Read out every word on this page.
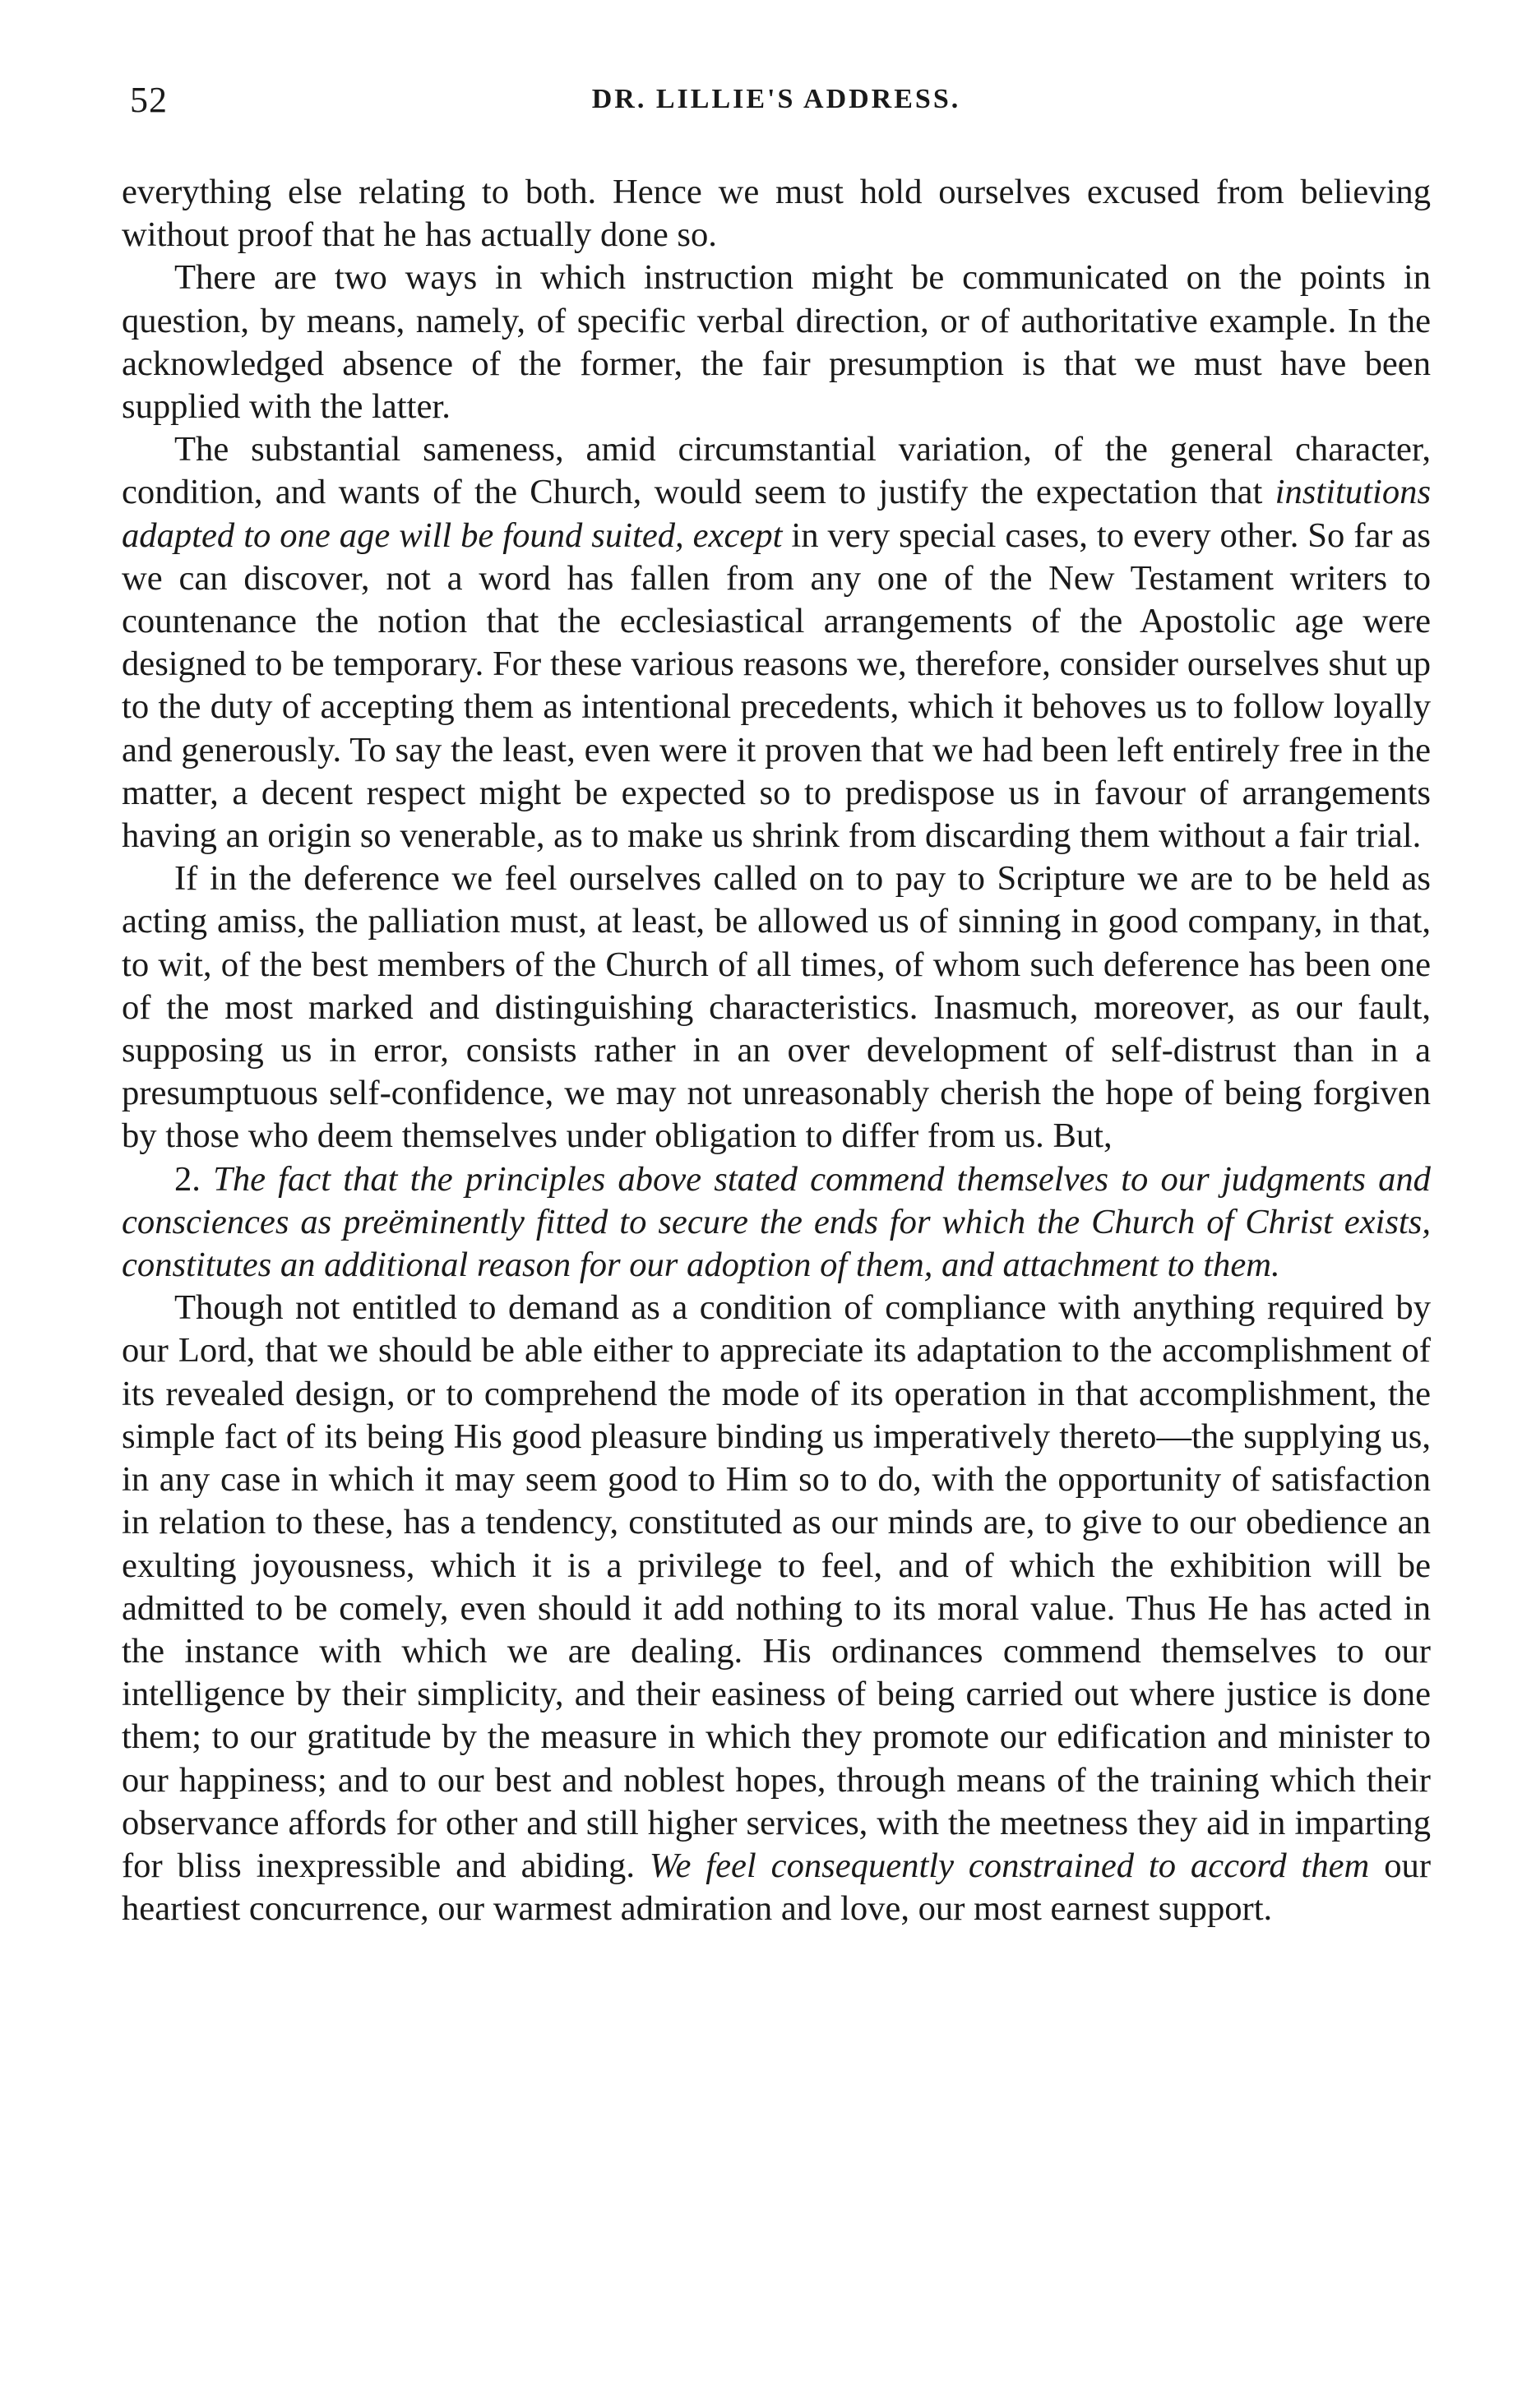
52	DR. LILLIE'S ADDRESS.

everything else relating to both. Hence we must hold ourselves excused from believing without proof that he has actually done so.

There are two ways in which instruction might be communicated on the points in question, by means, namely, of specific verbal direction, or of authoritative example. In the acknowledged absence of the former, the fair presumption is that we must have been supplied with the latter.

The substantial sameness, amid circumstantial variation, of the general character, condition, and wants of the Church, would seem to justify the expectation that institutions adapted to one age will be found suited, except in very special cases, to every other. So far as we can discover, not a word has fallen from any one of the New Testament writers to countenance the notion that the ecclesiastical arrangements of the Apostolic age were designed to be temporary. For these various reasons we, therefore, consider ourselves shut up to the duty of accepting them as intentional precedents, which it behoves us to follow loyally and generously. To say the least, even were it proven that we had been left entirely free in the matter, a decent respect might be expected so to predispose us in favour of arrangements having an origin so venerable, as to make us shrink from discarding them without a fair trial.

If in the deference we feel ourselves called on to pay to Scripture we are to be held as acting amiss, the palliation must, at least, be allowed us of sinning in good company, in that, to wit, of the best members of the Church of all times, of whom such deference has been one of the most marked and distinguishing characteristics. Inasmuch, moreover, as our fault, supposing us in error, consists rather in an over development of self-distrust than in a presumptuous self-confidence, we may not unreasonably cherish the hope of being forgiven by those who deem themselves under obligation to differ from us. But,

2. The fact that the principles above stated commend themselves to our judgments and consciences as preëminently fitted to secure the ends for which the Church of Christ exists, constitutes an additional reason for our adoption of them, and attachment to them.

Though not entitled to demand as a condition of compliance with anything required by our Lord, that we should be able either to appreciate its adaptation to the accomplishment of its revealed design, or to comprehend the mode of its operation in that accomplishment, the simple fact of its being His good pleasure binding us imperatively thereto—the supplying us, in any case in which it may seem good to Him so to do, with the opportunity of satisfaction in relation to these, has a tendency, constituted as our minds are, to give to our obedience an exulting joyousness, which it is a privilege to feel, and of which the exhibition will be admitted to be comely, even should it add nothing to its moral value. Thus He has acted in the instance with which we are dealing. His ordinances commend themselves to our intelligence by their simplicity, and their easiness of being carried out where justice is done them; to our gratitude by the measure in which they promote our edification and minister to our happiness; and to our best and noblest hopes, through means of the training which their observance affords for other and still higher services, with the meetness they aid in imparting for bliss inexpressible and abiding. We feel consequently constrained to accord them our heartiest concurrence, our warmest admiration and love, our most earnest support.
